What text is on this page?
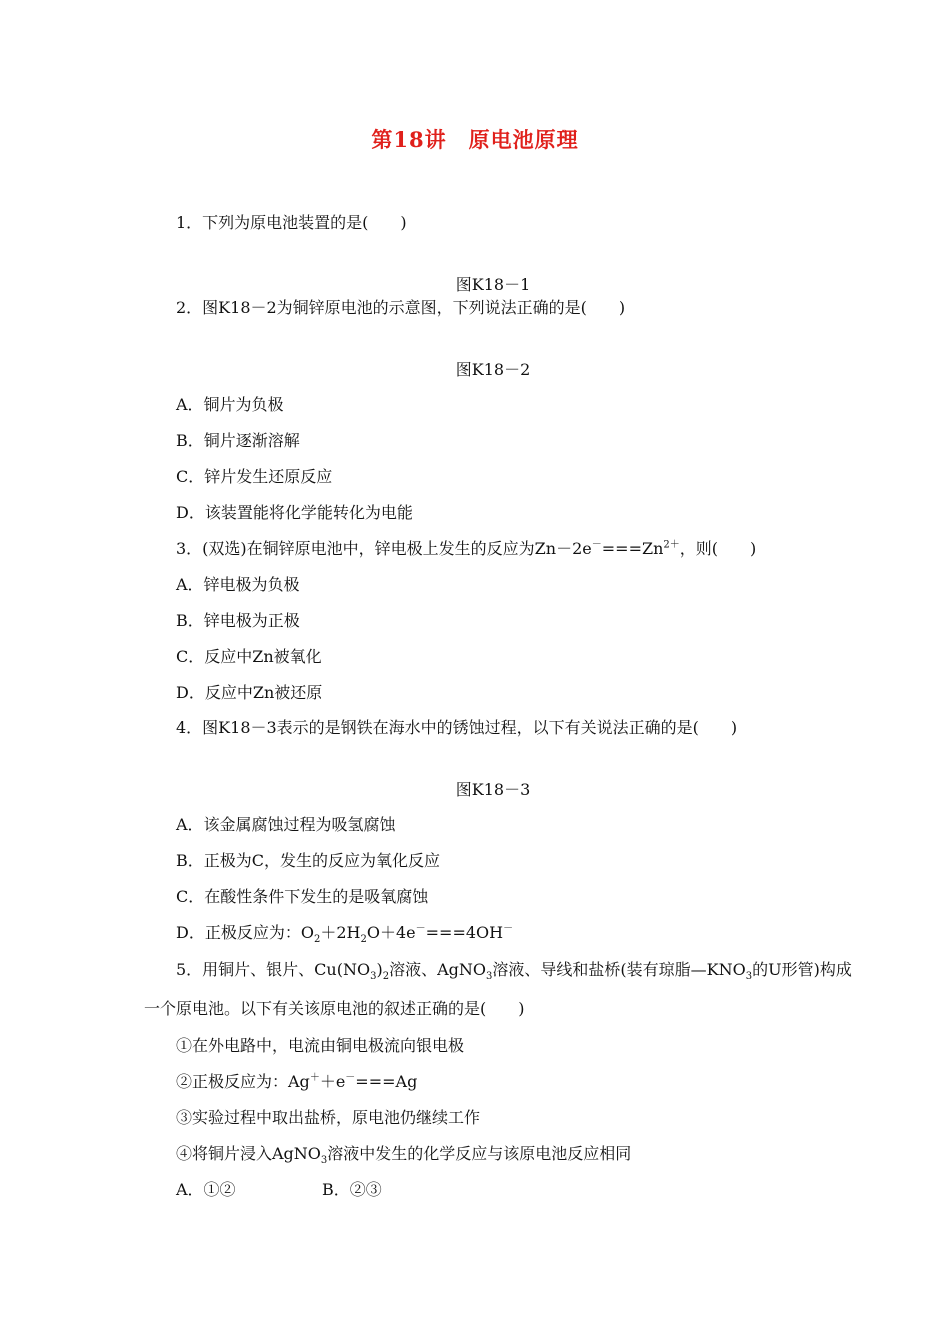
第18讲 原电池原理
1．下列为原电池装置的是(　　)
图K18－1
2．图K18－2为铜锌原电池的示意图，下列说法正确的是(　　)
图K18－2
A．铜片为负极
B．铜片逐渐溶解
C．锌片发生还原反应
D．该装置能将化学能转化为电能
3．(双选)在铜锌原电池中，锌电极上发生的反应为$Zn-2e^-===Zn^{2+}$，则(　　)
A．锌电极为负极
B．锌电极为正极
C．反应中Zn被氧化
D．反应中Zn被还原
4．图K18－3表示的是钢铁在海水中的锈蚀过程，以下有关说法正确的是(　　)
图K18－3
A．该金属腐蚀过程为吸氢腐蚀
B．正极为C，发生的反应为氧化反应
C．在酸性条件下发生的是吸氧腐蚀
D．正极反应为：$O_2+2H_2O+4e^-===4OH^-$
5．用铜片、银片、$Cu(NO_3)_2$溶液、AgNO$_3$溶液、导线和盐桥(装有琼脂$—KNO_3$的U形管)构成
一个原电池。以下有关该原电池的叙述正确的是(　　)
①在外电路中，电流由铜电极流向银电极
②正极反应为：Ag＋＋e－===Ag
③实验过程中取出盐桥，原电池仍继续工作
④将铜片浸入AgNO$_3$溶液中发生的化学反应与该原电池反应相同
A．①②	B．②③
